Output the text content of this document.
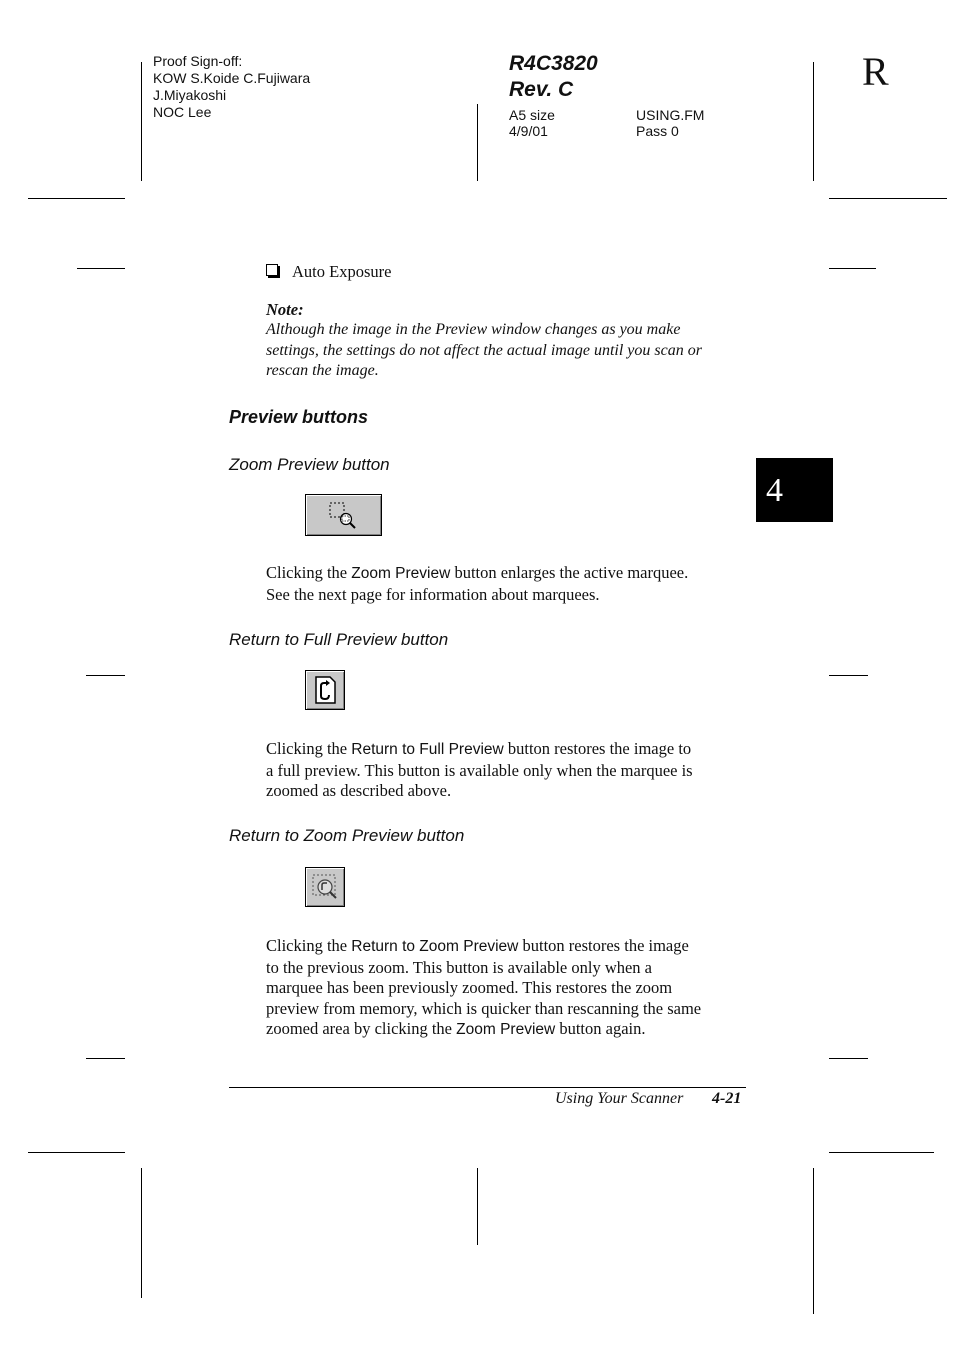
Proof Sign-off:
KOW S.Koide C.Fujiwara
J.Miyakoshi
NOC Lee
R4C3820
Rev. C
A5 size
4/9/01
USING.FM
Pass 0
R
4
Auto Exposure
Note:
Although the image in the Preview window changes as you make
settings, the settings do not affect the actual image until you scan or
rescan the image.
Preview buttons
Zoom Preview button
Clicking the Zoom Preview button enlarges the active marquee.
See the next page for information about marquees.
Return to Full Preview button
Clicking the Return to Full Preview button restores the image to
a full preview. This button is available only when the marquee is
zoomed as described above.
Return to Zoom Preview button
Clicking the Return to Zoom Preview button restores the image
to the previous zoom. This button is available only when a
marquee has been previously zoomed. This restores the zoom
preview from memory, which is quicker than rescanning the same
zoomed area by clicking the Zoom Preview button again.
Using Your Scanner 4-21
